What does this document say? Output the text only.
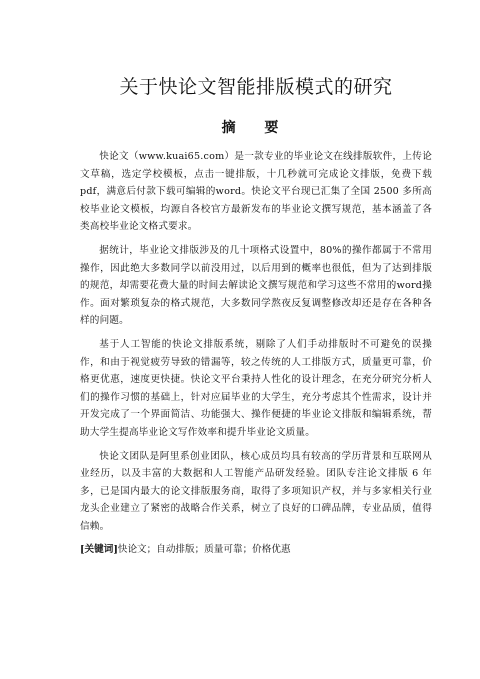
关于快论文智能排版模式的研究
摘 要

快论文（www.kuai65.com）是一款专业的毕业论文在线排版软件，上传论文草稿，选定学校模板，点击一键排版，十几秒就可完成论文排版，免费下载pdf，满意后付款下载可编辑的word。快论文平台现已汇集了全国 2500 多所高校毕业论文模板，均源自各校官方最新发布的毕业论文撰写规范，基本涵盖了各类高校毕业论文格式要求。

据统计，毕业论文排版涉及的几十项格式设置中，80%的操作都属于不常用操作，因此绝大多数同学以前没用过，以后用到的概率也很低，但为了达到排版的规范，却需要花费大量的时间去解读论文撰写规范和学习这些不常用的word操作。面对繁琐复杂的格式规范，大多数同学熬夜反复调整修改却还是存在各种各样的问题。

基于人工智能的快论文排版系统，剔除了人们手动排版时不可避免的误操作，和由于视觉疲劳导致的错漏等，较之传统的人工排版方式，质量更可靠，价格更优惠，速度更快捷。快论文平台秉持人性化的设计理念，在充分研究分析人们的操作习惯的基础上，针对应届毕业的大学生，充分考虑其个性需求，设计并开发完成了一个界面简洁、功能强大、操作便捷的毕业论文排版和编辑系统，帮助大学生提高毕业论文写作效率和提升毕业论文质量。

快论文团队是阿里系创业团队，核心成员均具有较高的学历背景和互联网从业经历，以及丰富的大数据和人工智能产品研发经验。团队专注论文排版 6 年多，已是国内最大的论文排版服务商，取得了多项知识产权，并与多家相关行业龙头企业建立了紧密的战略合作关系，树立了良好的口碑品牌，专业品质，值得信赖。

[关键词]快论文；自动排版；质量可靠；价格优惠
